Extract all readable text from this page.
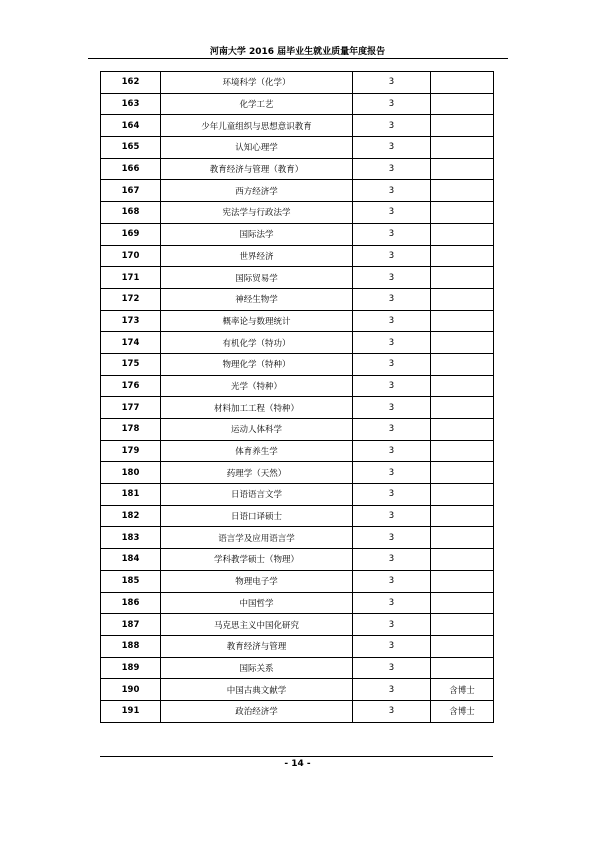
河南大学 2016 届毕业生就业质量年度报告
162	环境科学（化学）	3	
163	化学工艺	3	
164	少年儿童组织与思想意识教育	3	
165	认知心理学	3	
166	教育经济与管理（教育）	3	
167	西方经济学	3	
168	宪法学与行政法学	3	
169	国际法学	3	
170	世界经济	3	
171	国际贸易学	3	
172	神经生物学	3	
173	概率论与数理统计	3	
174	有机化学（特功）	3	
175	物理化学（特种）	3	
176	光学（特种）	3	
177	材料加工工程（特种）	3	
178	运动人体科学	3	
179	体育养生学	3	
180	药理学（天然）	3	
181	日语语言文学	3	
182	日语口译硕士	3	
183	语言学及应用语言学	3	
184	学科教学硕士（物理）	3	
185	物理电子学	3	
186	中国哲学	3	
187	马克思主义中国化研究	3	
188	教育经济与管理	3	
189	国际关系	3	
190	中国古典文献学	3	含博士
191	政治经济学	3	含博士
- 14 -
